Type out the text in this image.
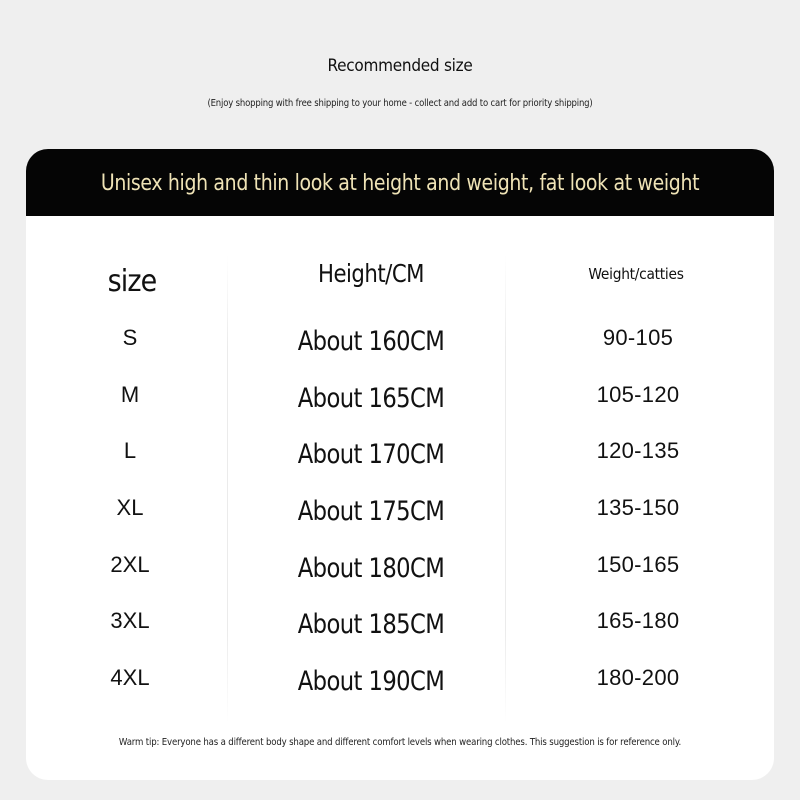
Recommended size
(Enjoy shopping with free shipping to your home - collect and add to cart for priority shipping)
Unisex high and thin look at height and weight, fat look at weight
size	Height/CM	Weight/catties
S	About 160CM	90-105
M	About 165CM	105-120
L	About 170CM	120-135
XL	About 175CM	135-150
2XL	About 180CM	150-165
3XL	About 185CM	165-180
4XL	About 190CM	180-200
Warm tip: Everyone has a different body shape and different comfort levels when wearing clothes. This suggestion is for reference only.
